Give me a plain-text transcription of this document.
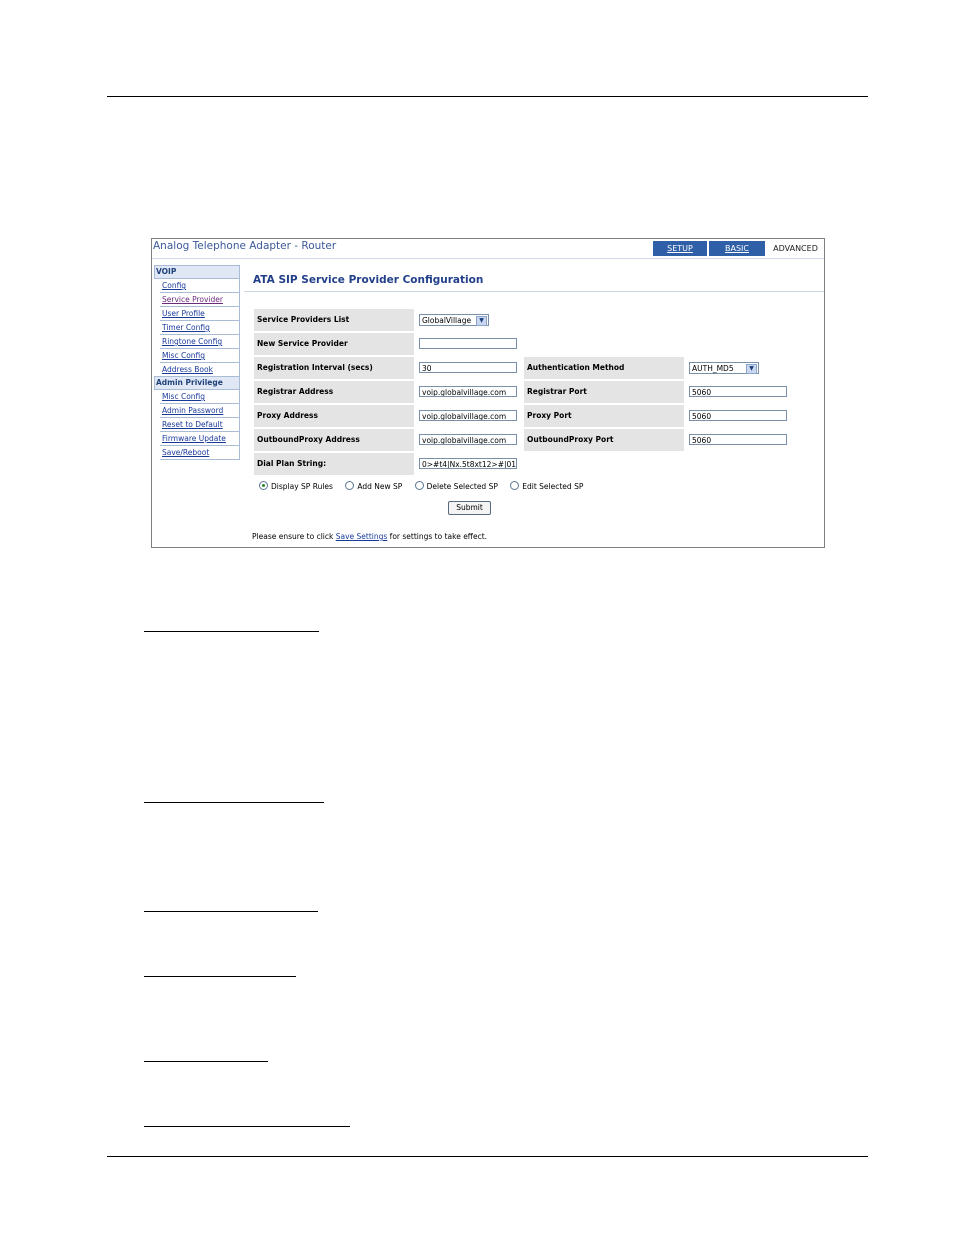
Analog Telephone Adapter - Router	SETUP	BASIC	ADVANCED
VOIP
Config
Service Provider
User Profile
Timer Config
Ringtone Config
Misc Config
Address Book
Admin Privilege
Misc Config
Admin Password
Reset to Default
Firmware Update
Save/Reboot
ATA SIP Service Provider Configuration
Service Providers List	GlobalVillage	▼
New Service Provider
Registration Interval (secs)	30	Authentication Method	AUTH_MD5	▼
Registrar Address	voip.globalvillage.com	Registrar Port	5060
Proxy Address	voip.globalvillage.com	Proxy Port	5060
OutboundProxy Address	voip.globalvillage.com	OutboundProxy Port	5060
Dial Plan String:	0>#t4|Nx.5t8xt12>#|01
Display SP Rules	Add New SP	Delete Selected SP	Edit Selected SP
Submit
Please ensure to click Save Settings for settings to take effect.
